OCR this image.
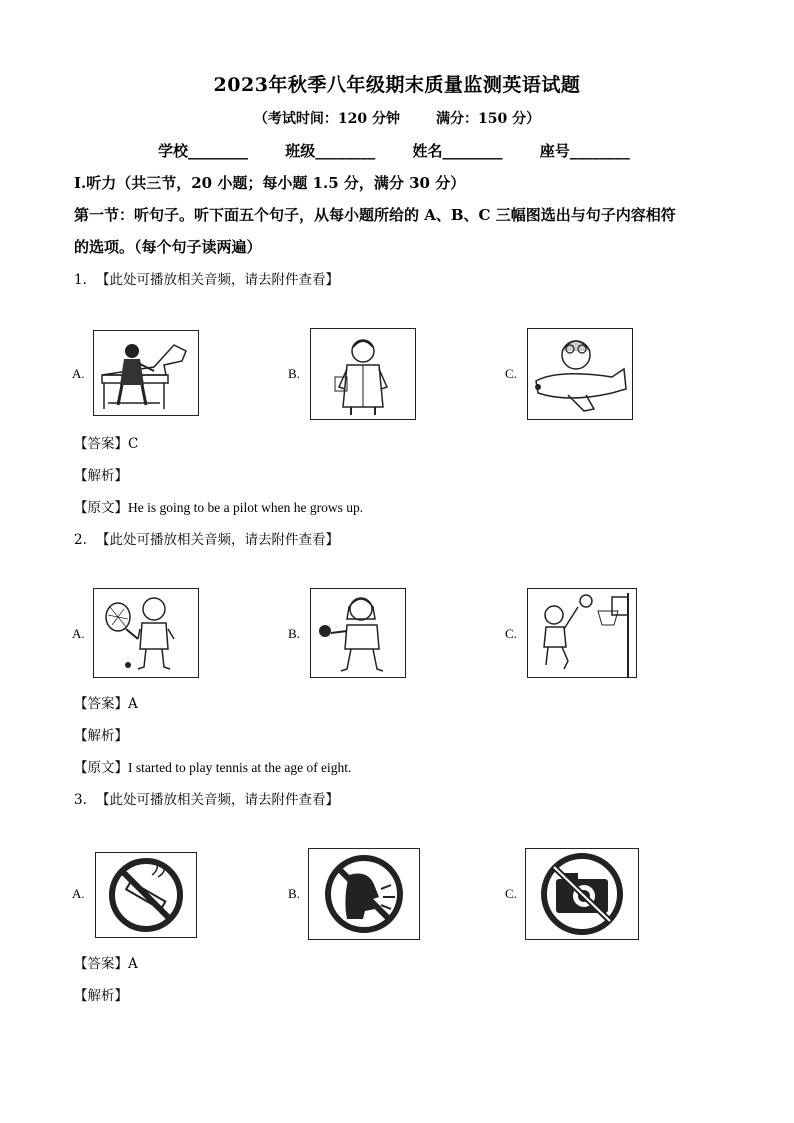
2023年秋季八年级期末质量监测英语试题
（考试时间：120 分钟	满分：150 分）
学校________ 班级________ 姓名________ 座号________
Ⅰ.听力（共三节，20 小题；每小题 1.5 分，满分 30 分）
第一节：听句子。听下面五个句子，从每小题所给的 A、B、C 三幅图选出与句子内容相符
的选项。（每个句子读两遍）
1. 【此处可播放相关音频，请去附件查看】
A.	B.	C.
【答案】C
【解析】
【原文】He is going to be a pilot when he grows up.
2. 【此处可播放相关音频，请去附件查看】
A.	B.	C.
【答案】A
【解析】
【原文】I started to play tennis at the age of eight.
3. 【此处可播放相关音频，请去附件查看】
A.	B.	C.
【答案】A
【解析】
